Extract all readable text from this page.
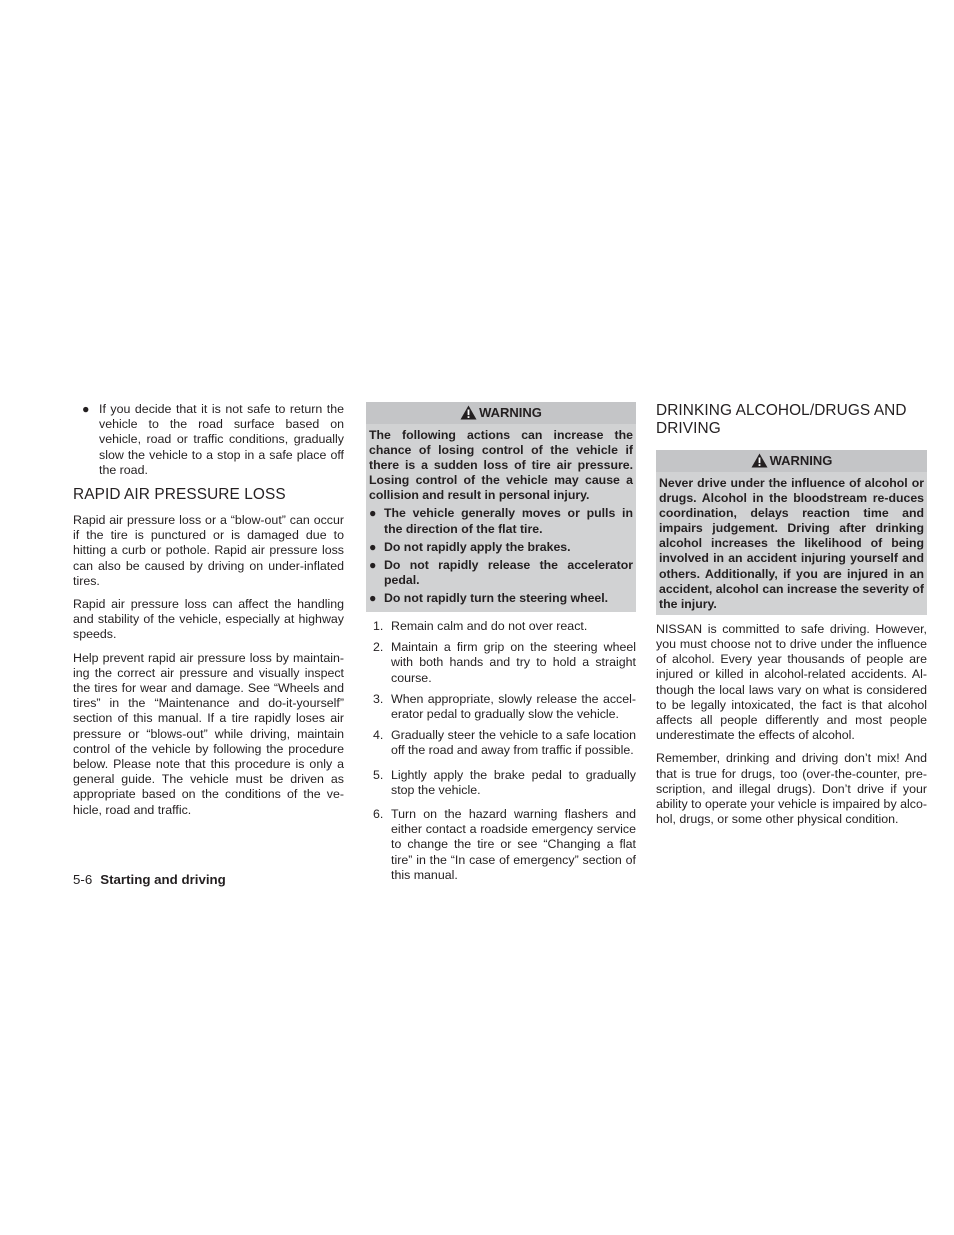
● If you decide that it is not safe to return the vehicle to the road surface based on vehicle, road or traffic conditions, gradually slow the vehicle to a stop in a safe place off the road.
RAPID AIR PRESSURE LOSS

Rapid air pressure loss or a “blow-out” can occur if the tire is punctured or is damaged due to hitting a curb or pothole. Rapid air pressure loss can also be caused by driving on under-inflated tires.

Rapid air pressure loss can affect the handling and stability of the vehicle, especially at highway speeds.

Help prevent rapid air pressure loss by maintain-ing the correct air pressure and visually inspect the tires for wear and damage. See “Wheels and tires” in the “Maintenance and do-it-yourself” section of this manual. If a tire rapidly loses air pressure or “blows-out” while driving, maintain control of the vehicle by following the procedure below. Please note that this procedure is only a general guide. The vehicle must be driven as appropriate based on the conditions of the ve-hicle, road and traffic.

WARNING

The following actions can increase the chance of losing control of the vehicle if there is a sudden loss of tire air pressure. Losing control of the vehicle may cause a collision and result in personal injury.

● The vehicle generally moves or pulls in the direction of the flat tire.
● Do not rapidly apply the brakes.
● Do not rapidly release the accelerator pedal.
● Do not rapidly turn the steering wheel.
1. Remain calm and do not over react.
2. Maintain a firm grip on the steering wheel with both hands and try to hold a straight course.
3. When appropriate, slowly release the accel-erator pedal to gradually slow the vehicle.
4. Gradually steer the vehicle to a safe location off the road and away from traffic if possible.
5. Lightly apply the brake pedal to gradually stop the vehicle.
6. Turn on the hazard warning flashers and either contact a roadside emergency service to change the tire or see “Changing a flat tire” in the “In case of emergency” section of this manual.
DRINKING ALCOHOL/DRUGS AND DRIVING
WARNING
Never drive under the influence of alcohol or drugs. Alcohol in the bloodstream re-duces coordination, delays reaction time and impairs judgement. Driving after drinking alcohol increases the likelihood of being involved in an accident injuring yourself and others. Additionally, if you are injured in an accident, alcohol can increase the severity of the injury.

NISSAN is committed to safe driving. However, you must choose not to drive under the influence of alcohol. Every year thousands of people are injured or killed in alcohol-related accidents. Al-though the local laws vary on what is considered to be legally intoxicated, the fact is that alcohol affects all people differently and most people underestimate the effects of alcohol.

Remember, drinking and driving don’t mix! And that is true for drugs, too (over-the-counter, pre-scription, and illegal drugs). Don’t drive if your ability to operate your vehicle is impaired by alco-hol, drugs, or some other physical condition.

5-6 Starting and driving
